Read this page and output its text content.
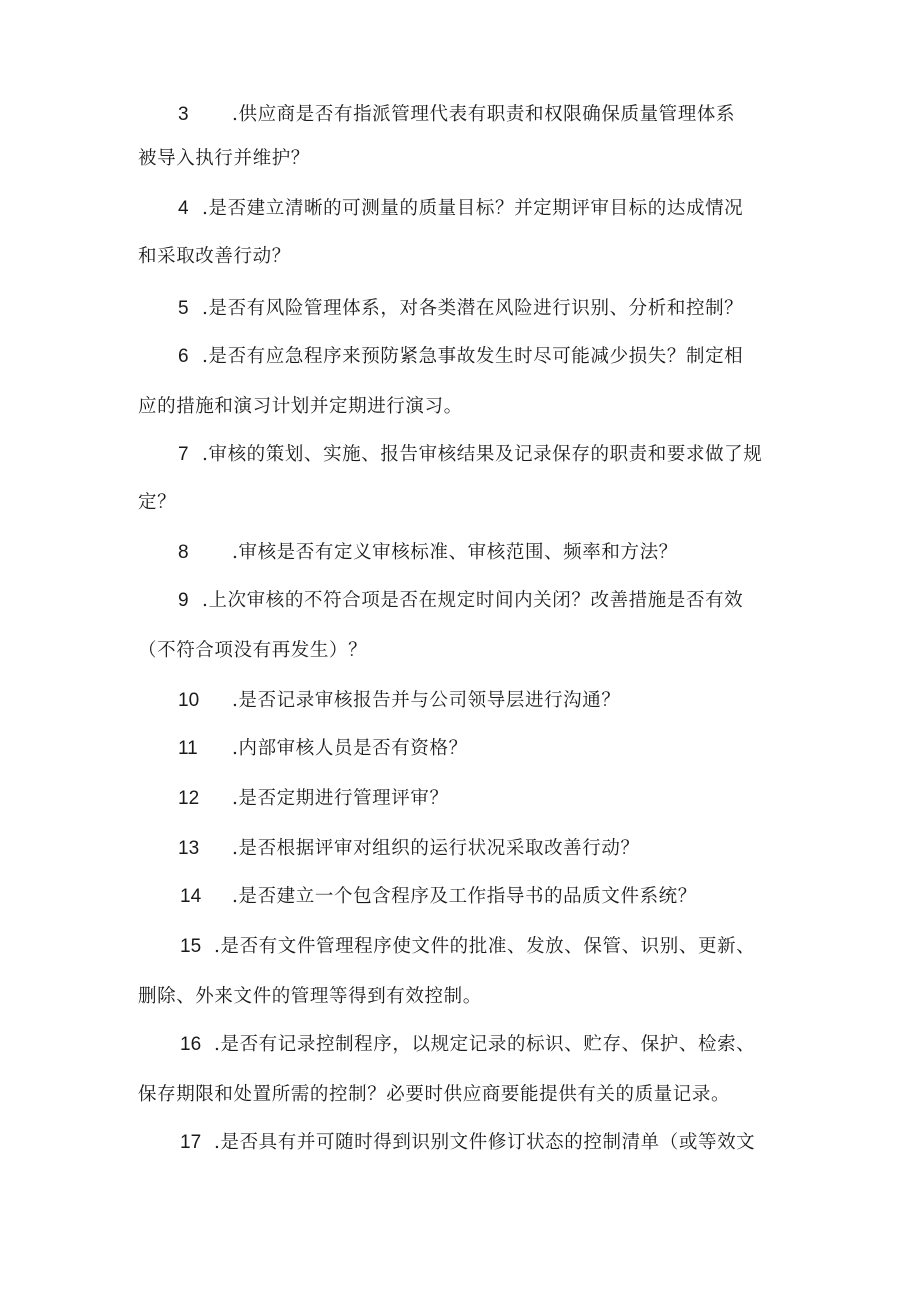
3 .供应商是否有指派管理代表有职责和权限确保质量管理体系
被导入执行并维护？
4 .是否建立清晰的可测量的质量目标？并定期评审目标的达成情况
和采取改善行动？
5 .是否有风险管理体系，对各类潜在风险进行识别、分析和控制？
6 .是否有应急程序来预防紧急事故发生时尽可能减少损失？制定相
应的措施和演习计划并定期进行演习。
7 .审核的策划、实施、报告审核结果及记录保存的职责和要求做了规
定？
8 .审核是否有定义审核标准、审核范围、频率和方法？
9 .上次审核的不符合项是否在规定时间内关闭？改善措施是否有效
（不符合项没有再发生）？
10 .是否记录审核报告并与公司领导层进行沟通？
11 .内部审核人员是否有资格？
12 .是否定期进行管理评审？
13 .是否根据评审对组织的运行状况采取改善行动？
14 .是否建立一个包含程序及工作指导书的品质文件系统？
15 .是否有文件管理程序使文件的批准、发放、保管、识别、更新、
删除、外来文件的管理等得到有效控制。
16 .是否有记录控制程序，以规定记录的标识、贮存、保护、检索、
保存期限和处置所需的控制？必要时供应商要能提供有关的质量记录。
17 .是否具有并可随时得到识别文件修订状态的控制清单（或等效文
